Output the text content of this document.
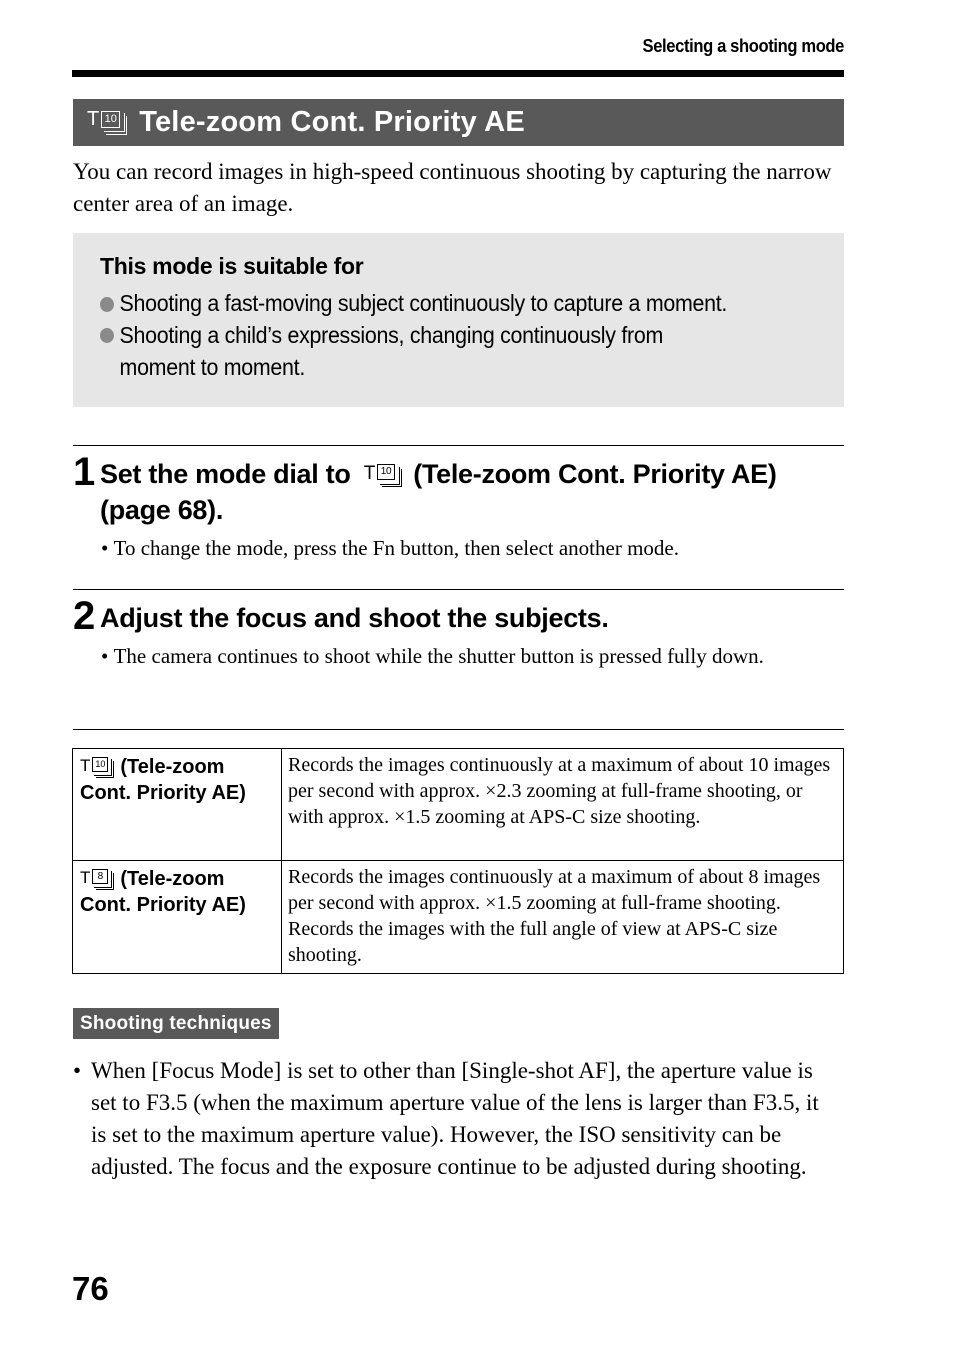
Selecting a shooting mode
T 10 Tele-zoom Cont. Priority AE
You can record images in high-speed continuous shooting by capturing the narrow center area of an image.
This mode is suitable for
Shooting a fast-moving subject continuously to capture a moment.
Shooting a child’s expressions, changing continuously from moment to moment.
1 Set the mode dial to T 10 (Tele-zoom Cont. Priority AE)
(page 68).
• To change the mode, press the Fn button, then select another mode.
2 Adjust the focus and shoot the subjects.
• The camera continues to shoot while the shutter button is pressed fully down.
T 10 (Tele-zoom
Cont. Priority AE)	Records the images continuously at a maximum of about 10 images per second with approx. ×2.3 zooming at full-frame shooting, or with approx. ×1.5 zooming at APS-C size shooting.

T 8 (Tele-zoom
Cont. Priority AE)	Records the images continuously at a maximum of about 8 images per second with approx. ×1.5 zooming at full-frame shooting. Records the images with the full angle of view at APS-C size shooting.
Shooting techniques
• When [Focus Mode] is set to other than [Single-shot AF], the aperture value is set to F3.5 (when the maximum aperture value of the lens is larger than F3.5, it is set to the maximum aperture value). However, the ISO sensitivity can be adjusted. The focus and the exposure continue to be adjusted during shooting.
76
